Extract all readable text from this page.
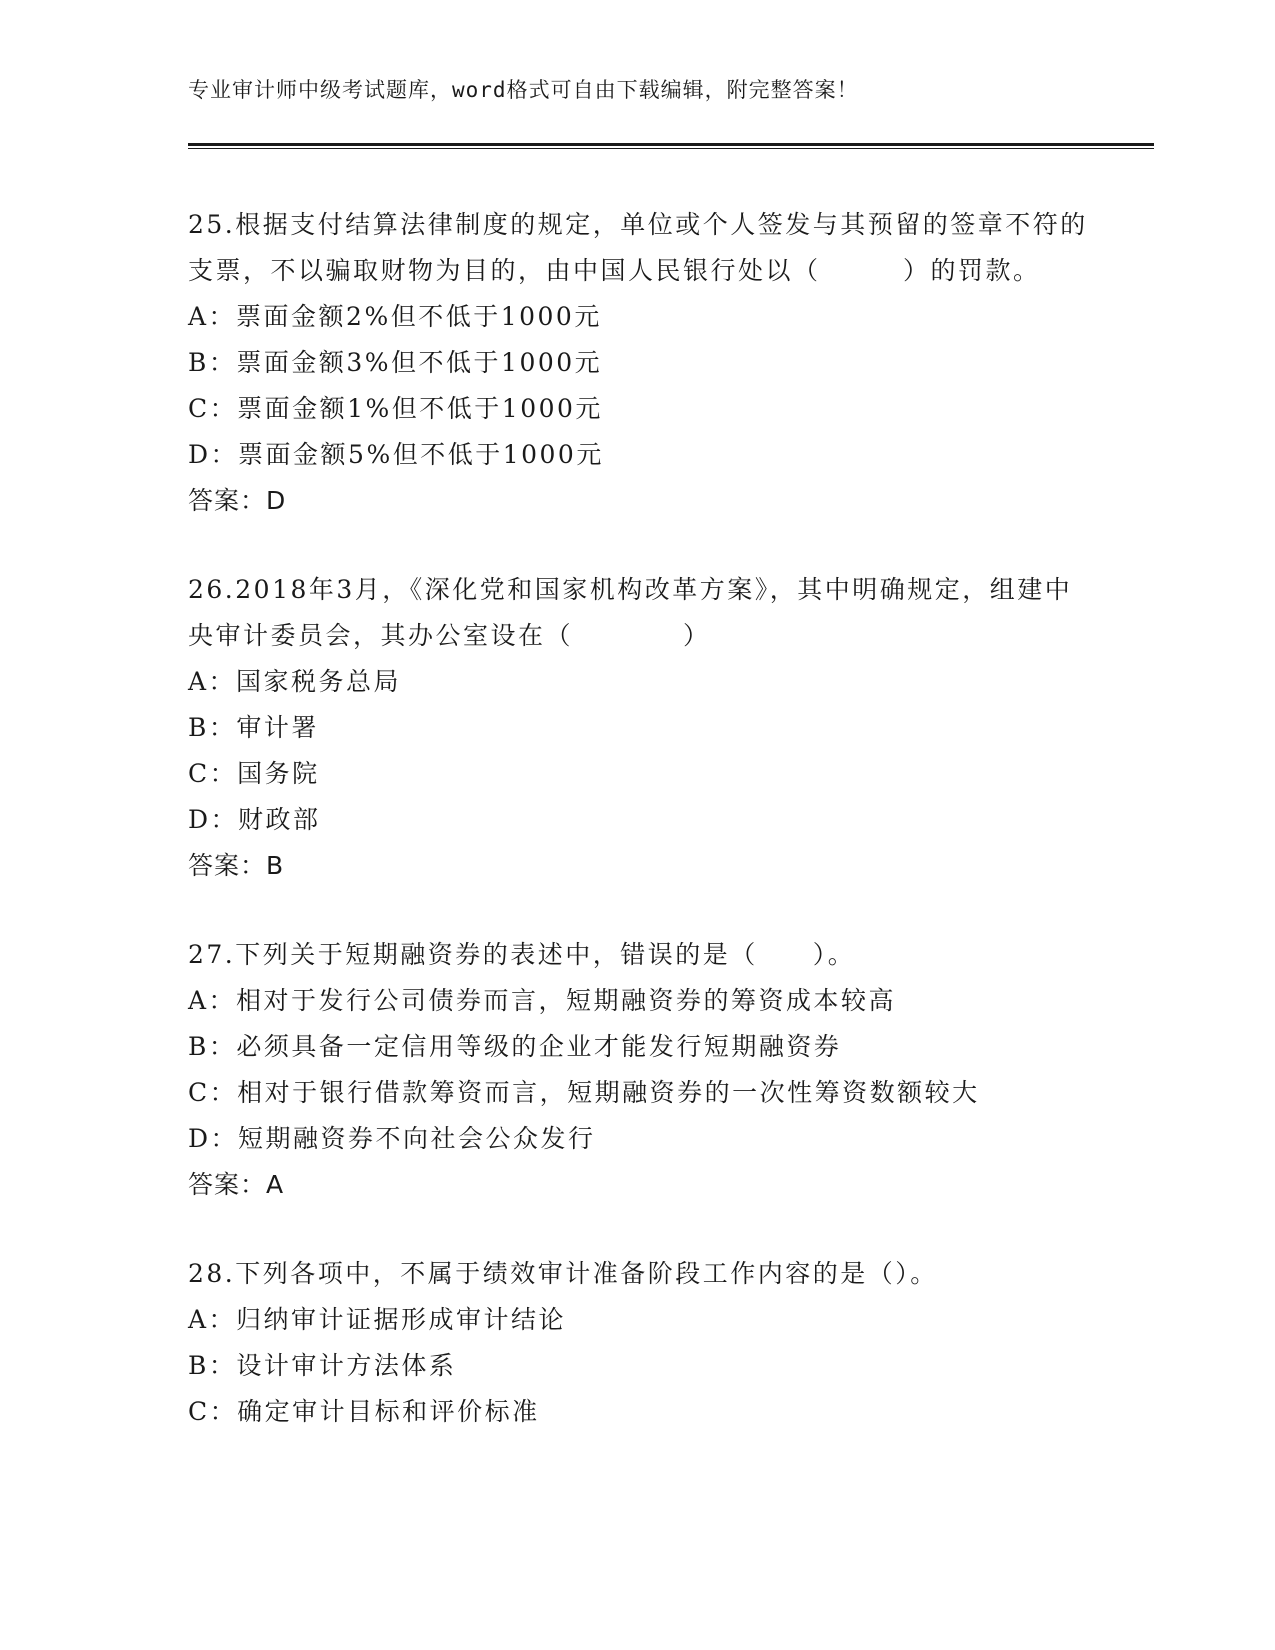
专业审计师中级考试题库，word格式可自由下载编辑，附完整答案！
25.根据支付结算法律制度的规定，单位或个人签发与其预留的签章不符的支票，不以骗取财物为目的，由中国人民银行处以（　　　）的罚款。
A：票面金额2%但不低于1000元
B：票面金额3%但不低于1000元
C：票面金额1%但不低于1000元
D：票面金额5%但不低于1000元
答案：D
26.2018年3月，《深化党和国家机构改革方案》，其中明确规定，组建中央审计委员会，其办公室设在（　　　　）
A：国家税务总局
B：审计署
C：国务院
D：财政部
答案：B
27.下列关于短期融资券的表述中，错误的是（　　）。
A：相对于发行公司债券而言，短期融资券的筹资成本较高
B：必须具备一定信用等级的企业才能发行短期融资券
C：相对于银行借款筹资而言，短期融资券的一次性筹资数额较大
D：短期融资券不向社会公众发行
答案：A
28.下列各项中，不属于绩效审计准备阶段工作内容的是（）。
A：归纳审计证据形成审计结论
B：设计审计方法体系
C：确定审计目标和评价标准
